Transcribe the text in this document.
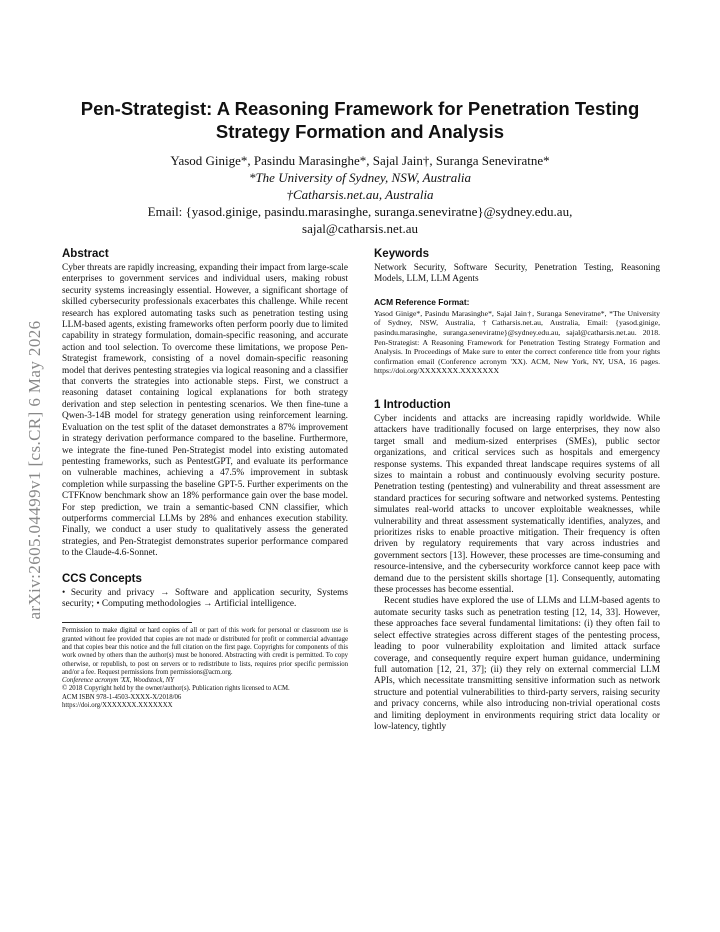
arXiv:2605.04499v1 [cs.CR] 6 May 2026
Pen-Strategist: A Reasoning Framework for Penetration Testing Strategy Formation and Analysis
Yasod Ginige*, Pasindu Marasinghe*, Sajal Jain†, Suranga Seneviratne*
*The University of Sydney, NSW, Australia
†Catharsis.net.au, Australia
Email: {yasod.ginige, pasindu.marasinghe, suranga.seneviratne}@sydney.edu.au,
sajal@catharsis.net.au
Abstract

Cyber threats are rapidly increasing, expanding their impact from large-scale enterprises to government services and individual users, making robust security systems increasingly essential. However, a significant shortage of skilled cybersecurity professionals exacerbates this challenge. While recent research has explored automating tasks such as penetration testing using LLM-based agents, existing frameworks often perform poorly due to limited capability in strategy formulation, domain-specific reasoning, and accurate action and tool selection. To overcome these limitations, we propose Pen-Strategist framework, consisting of a novel domain-specific reasoning model that derives pentesting strategies via logical reasoning and a classifier that converts the strategies into actionable steps. First, we construct a reasoning dataset containing logical explanations for both strategy derivation and step selection in pentesting scenarios. We then fine-tune a Qwen-3-14B model for strategy generation using reinforcement learning. Evaluation on the test split of the dataset demonstrates a 87% improvement in strategy derivation performance compared to the baseline. Furthermore, we integrate the fine-tuned Pen-Strategist model into existing automated pentesting frameworks, such as PentestGPT, and evaluate its performance on vulnerable machines, achieving a 47.5% improvement in subtask completion while surpassing the baseline GPT-5. Further experiments on the CTFKnow benchmark show an 18% performance gain over the base model. For step prediction, we train a semantic-based CNN classifier, which outperforms commercial LLMs by 28% and enhances execution stability. Finally, we conduct a user study to qualitatively assess the generated strategies, and Pen-Strategist demonstrates superior performance compared to the Claude-4.6-Sonnet.

CCS Concepts

• Security and privacy → Software and application security, Systems security; • Computing methodologies → Artificial intelligence.

Permission to make digital or hard copies of all or part of this work for personal or classroom use is granted without fee provided that copies are not made or distributed for profit or commercial advantage and that copies bear this notice and the full citation on the first page. Copyrights for components of this work owned by others than the author(s) must be honored. Abstracting with credit is permitted. To copy otherwise, or republish, to post on servers or to redistribute to lists, requires prior specific permission and/or a fee. Request permissions from permissions@acm.org.

Conference acronym 'XX, Woodstock, NY

© 2018 Copyright held by the owner/author(s). Publication rights licensed to ACM.

ACM ISBN 978-1-4503-XXXX-X/2018/06

https://doi.org/XXXXXXX.XXXXXXX

Keywords

Network Security, Software Security, Penetration Testing, Reasoning Models, LLM, LLM Agents

ACM Reference Format:

Yasod Ginige*, Pasindu Marasinghe*, Sajal Jain†, Suranga Seneviratne*, *The University of Sydney, NSW, Australia, †Catharsis.net.au, Australia, Email: {yasod.ginige, pasindu.marasinghe, suranga.seneviratne}@sydney.edu.au, sajal@catharsis.net.au. 2018. Pen-Strategist: A Reasoning Framework for Penetration Testing Strategy Formation and Analysis. In Proceedings of Make sure to enter the correct conference title from your rights confirmation email (Conference acronym 'XX). ACM, New York, NY, USA, 16 pages. https://doi.org/XXXXXXX.XXXXXXX

1 Introduction

Cyber incidents and attacks are increasing rapidly worldwide. While attackers have traditionally focused on large enterprises, they now also target small and medium-sized enterprises (SMEs), public sector organizations, and critical services such as hospitals and emergency response systems. This expanded threat landscape requires systems of all sizes to maintain a robust and continuously evolving security posture. Penetration testing (pentesting) and vulnerability and threat assessment are standard practices for securing software and networked systems. Pentesting simulates real-world attacks to uncover exploitable weaknesses, while vulnerability and threat assessment systematically identifies, analyzes, and prioritizes risks to enable proactive mitigation. Their frequency is often driven by regulatory requirements that vary across industries and government sectors [13]. However, these processes are time-consuming and resource-intensive, and the cybersecurity workforce cannot keep pace with demand due to the persistent skills shortage [1]. Consequently, automating these processes has become essential.

Recent studies have explored the use of LLMs and LLM-based agents to automate security tasks such as penetration testing [12, 14, 33]. However, these approaches face several fundamental limitations: (i) they often fail to select effective strategies across different stages of the pentesting process, leading to poor vulnerability exploitation and limited attack surface coverage, and consequently require expert human guidance, undermining full automation [12, 21, 37]; (ii) they rely on external commercial LLM APIs, which necessitate transmitting sensitive information such as network structure and potential vulnerabilities to third-party servers, raising security and privacy concerns, while also introducing non-trivial operational costs and limiting deployment in environments requiring strict data locality or low-latency, tightly
